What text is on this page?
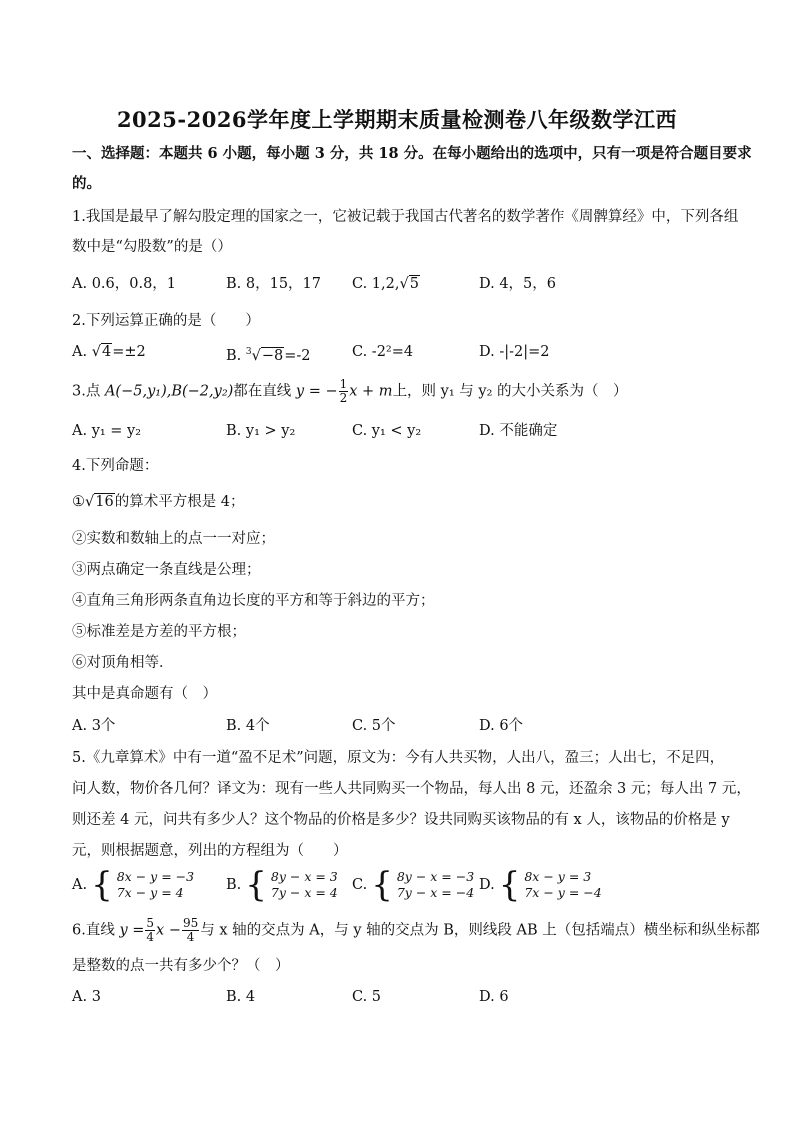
2025-2026学年度上学期期末质量检测卷八年级数学江西
一、选择题：本题共 6 小题，每小题 3 分，共 18 分。在每小题给出的选项中，只有一项是符合题目要求
的。
1.我国是最早了解勾股定理的国家之一，它被记载于我国古代著名的数学著作《周髀算经》中，下列各组
数中是“勾股数”的是（）
A. 0.6，0.8，1	B. 8，15，17 C. 1,2,√5	D. 4，5，6
2.下列运算正确的是（　　）
A. √4=±2	B. $^3$√−8=-2	C. -2²=4	D. -|-2|=2
3.点 A(−5,y₁),B(−2,y₂)都在直线 y = − $\frac{1}{2}$ x + m上，则 y₁ 与 y₂ 的大小关系为（　）
A. y₁ = y₂	B. y₁ > y₂	C. y₁ < y₂	D. 不能确定
4.下列命题：
①√16的算术平方根是 4；
②实数和数轴上的点一一对应；
③两点确定一条直线是公理；
④直角三角形两条直角边长度的平方和等于斜边的平方；
⑤标准差是方差的平方根；
⑥对顶角相等．
其中是真命题有（　）
A. 3个	B. 4个	C. 5个	D. 6个
5.《九章算术》中有一道“盈不足术”问题，原文为：今有人共买物，人出八，盈三；人出七，不足四，
问人数，物价各几何？译文为：现有一些人共同购买一个物品，每人出 8 元，还盈余 3 元；每人出 7 元，
则还差 4 元，问共有多少人？这个物品的价格是多少？设共同购买该物品的有 x 人，该物品的价格是 y
元，则根据题意，列出的方程组为（　　）
A. { 8x − y = −3
7x − y = 4	B. { 8y − x = 3
7y − x = 4 C. { 8y − x = −3
7y − x = −4 D. { 8x − y = 3
7x − y = −4
6.直线 $y = \frac{5}{4}$ $x - \frac{95}{4}$ 与 x 轴的交点为 A，与 y 轴的交点为 B，则线段 AB 上（包括端点）横坐标和纵坐标都
是整数的点一共有多少个？（　）
A. 3	B. 4	C. 5	D. 6
